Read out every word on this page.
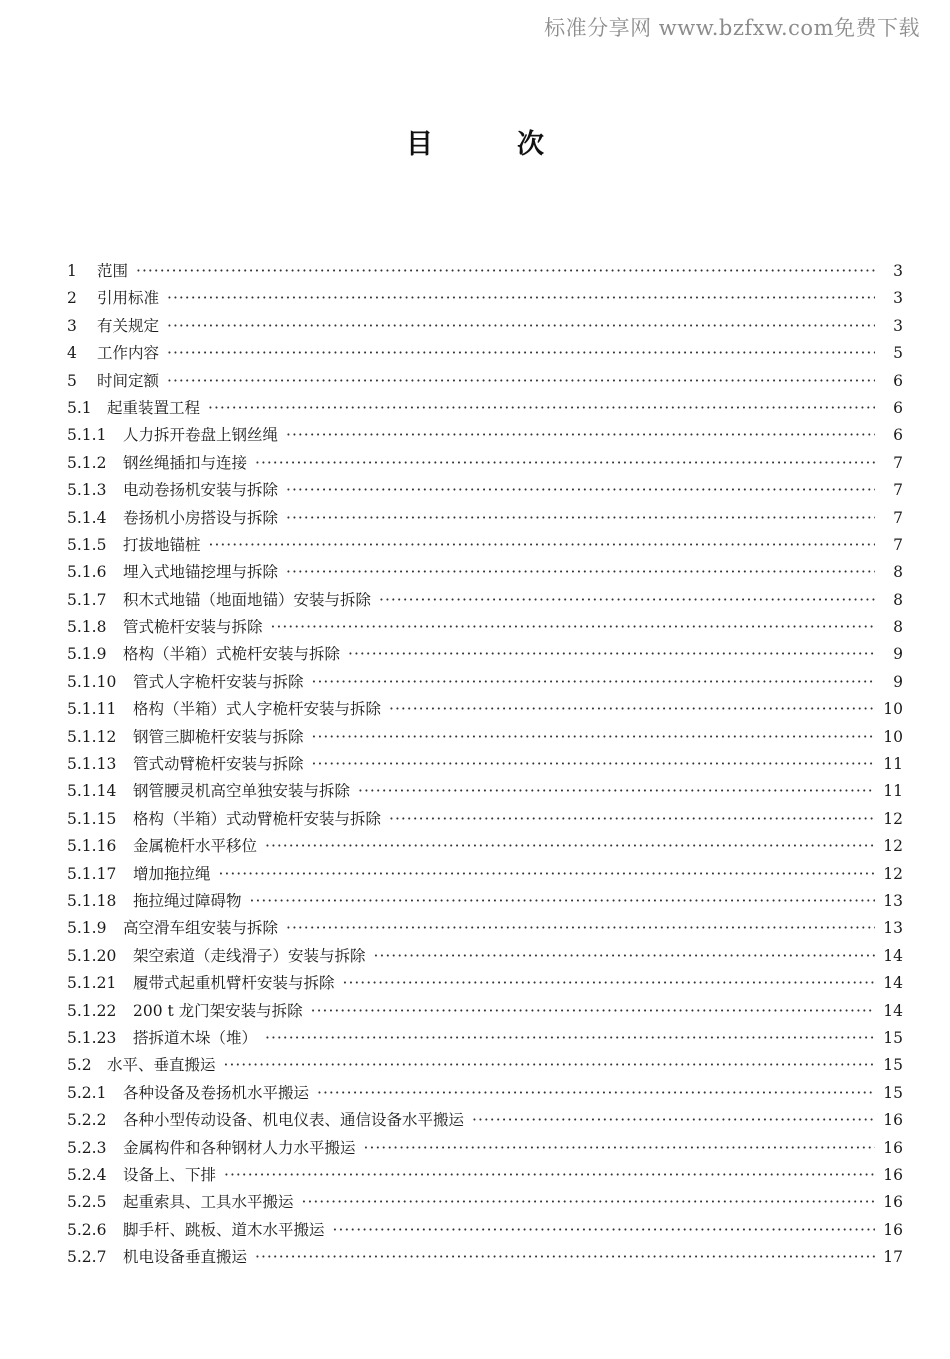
标准分享网 www.bzfxw.com免费下载
目	次
1	范围 ·····	3
2	引用标准 ·····	3
3	有关规定 ·····	3
4	工作内容 ·····	5
5	时间定额 ·····	6
5.1 起重装置工程 ·····	6
5.1.1	人力拆开卷盘上钢丝绳 ·····	6
5.1.2	钢丝绳插扣与连接 ·····	7
5.1.3	电动卷扬机安装与拆除 ·····	7
5.1.4	卷扬机小房搭设与拆除 ·····	7
5.1.5	打拔地锚桩 ·····	7
5.1.6	埋入式地锚挖埋与拆除 ·····	8
5.1.7	积木式地锚（地面地锚）安装与拆除 ·····	8
5.1.8	管式桅杆安装与拆除 ·····	8
5.1.9	格构（半箱）式桅杆安装与拆除 ·····	9
5.1.10	管式人字桅杆安装与拆除 ·····	9
5.1.11	格构（半箱）式人字桅杆安装与拆除 ·····	10
5.1.12	钢管三脚桅杆安装与拆除 ·····	10
5.1.13	管式动臂桅杆安装与拆除 ·····	11
5.1.14	钢管腰灵机高空单独安装与拆除 ·····	11
5.1.15	格构（半箱）式动臂桅杆安装与拆除 ·····	12
5.1.16	金属桅杆水平移位 ·····	12
5.1.17	增加拖拉绳 ·····	12
5.1.18	拖拉绳过障碍物 ·····	13
5.1.9	高空滑车组安装与拆除 ·····	13
5.1.20	架空索道（走线滑子）安装与拆除 ·····	14
5.1.21	履带式起重机臂杆安装与拆除 ·····	14
5.1.22	200 t 龙门架安装与拆除 ·····	14
5.1.23	搭拆道木垛（堆） ·····	15
5.2 水平、垂直搬运 ·····	15
5.2.1	各种设备及卷扬机水平搬运 ·····	15
5.2.2	各种小型传动设备、机电仪表、通信设备水平搬运 ·····	16
5.2.3	金属构件和各种钢材人力水平搬运 ·····	16
5.2.4	设备上、下排 ·····	16
5.2.5	起重索具、工具水平搬运 ·····	16
5.2.6	脚手杆、跳板、道木水平搬运 ·····	16
5.2.7	机电设备垂直搬运 ·····	17
